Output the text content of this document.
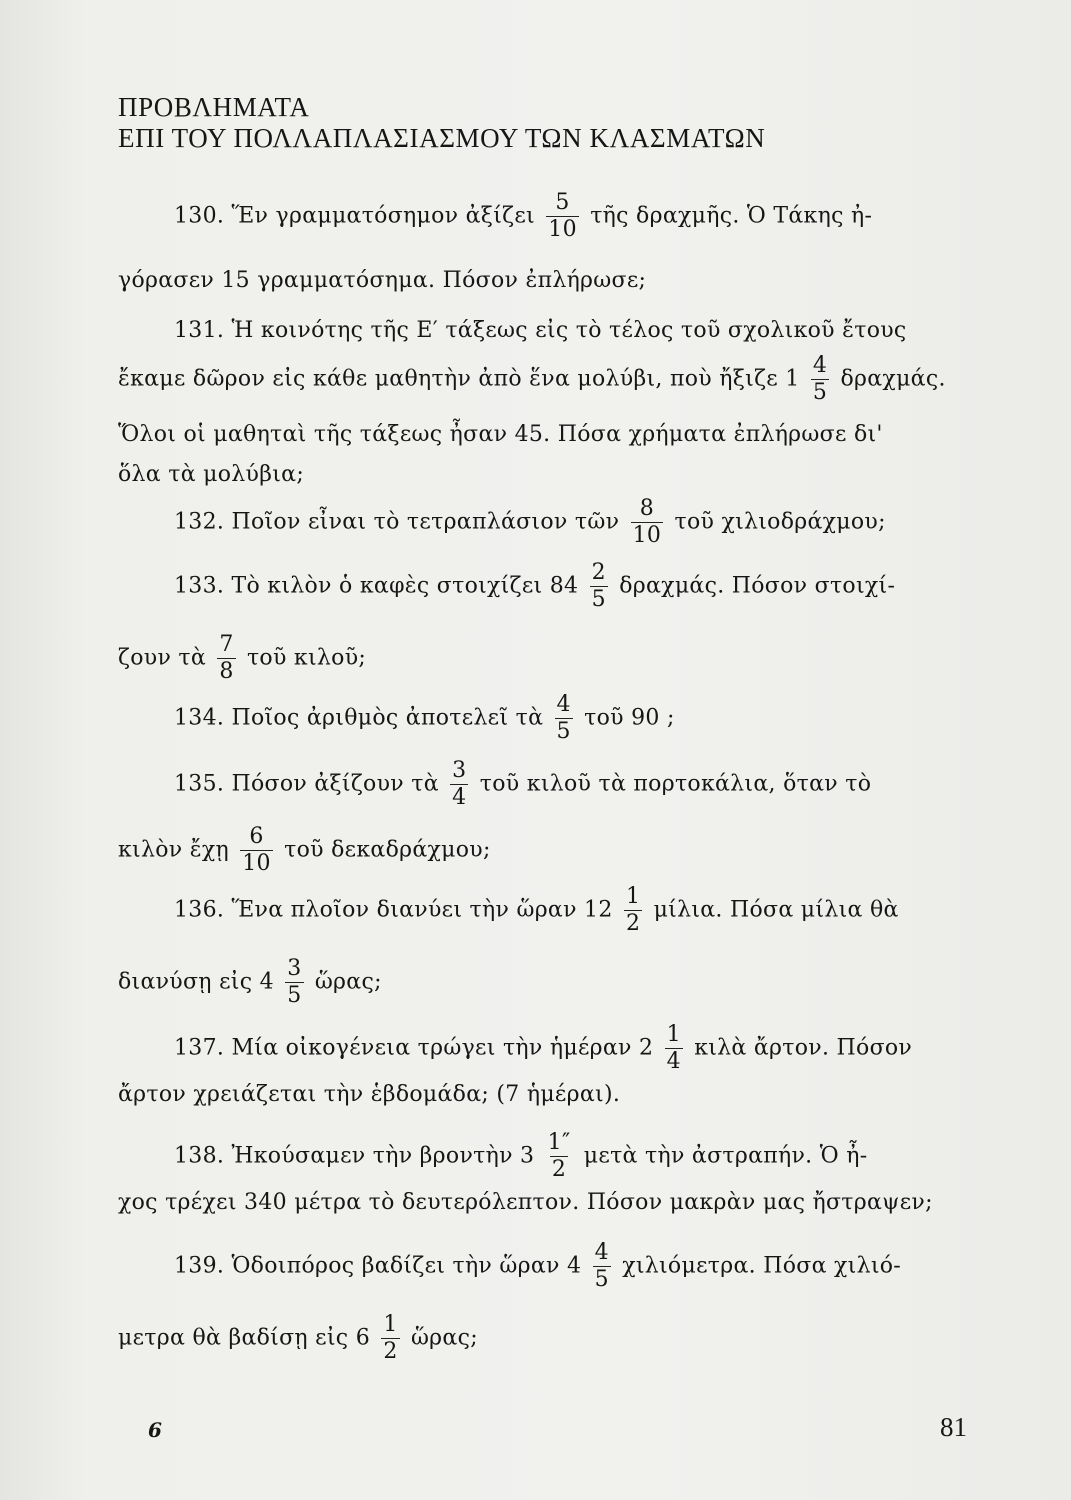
ΠΡΟΒΛΗΜΑΤΑ
ΕΠΙ ΤΟΥ ΠΟΛΛΑΠΛΑΣΙΑΣΜΟΥ ΤΩΝ ΚΛΑΣΜΑΤΩΝ
130. Ἕν γραμματόσημον ἀξίζει $\frac{5}{10}$ τῆς δραχμῆς. Ὁ Τάκης ἠ-
γόρασεν 15 γραμματόσημα. Πόσον ἐπλήρωσε;
131. Ἡ κοινότης τῆς Ε′ τάξεως εἰς τὸ τέλος τοῦ σχολικοῦ ἔτους
ἔκαμε δῶρον εἰς κάθε μαθητὴν ἀπὸ ἕνα μολύβι, ποὺ ἤξιζε $1 \frac{4}{5} \delta\rho\alpha\chi\mu ά\varsigma$.
Ὅλοι οἱ μαθηταὶ τῆς τάξεως ἦσαν 45. Πόσα χρήματα ἐπλήρωσε δι'
ὅλα τὰ μολύβια;
132. Ποῖον εἶναι τὸ τετραπλάσιον τῶν $\frac{8}{10}$ τοῦ χιλιοδράχμου;
133. Τὸ κιλὸν ὁ καφὲς στοιχίζει $84 \frac{2}{5} \delta\rho\alpha\chi\mu ά\varsigma$. Πόσον στοιχί-
ζουν τὰ $\frac{7}{8}$ τοῦ κιλοῦ;
134. Ποῖος ἀριθμὸς ἀποτελεῖ τὰ $\frac{4}{5}$ τοῦ 90 ;
135. Πόσον ἀξίζουν τὰ $\frac{3}{4}$ τοῦ κιλοῦ τὰ πορτοκάλια, ὅταν τὸ
κιλὸν ἔχῃ $\frac{6}{10}$ τοῦ δεκαδράχμου;
136. Ἕνα πλοῖον διανύει τὴν ὥραν $12 \frac{1}{2} \mu ί\lambda\iota\alpha$. Πόσα μίλια θὰ
διανύσῃ εἰς $4 \frac{3}{5}$ ὥρας;
137. Μία οἰκογένεια τρώγει τὴν ἡμέραν $2 \frac{1}{4}$ κιλὰ ἄρτον. Πόσον
ἄρτον χρειάζεται τὴν ἑβδομάδα; (7 ἡμέραι).
138. Ἠκούσαμεν τὴν βροντὴν $3 \frac{1''}{2}$ μετὰ τὴν ἀστραπήν. Ὁ ἦ-
χος τρέχει 340 μέτρα τὸ δευτερόλεπτον. Πόσον μακρὰν μας ἤστραψεν;
139. Ὁδοιπόρος βαδίζει τὴν ὥραν $4 \frac{4}{5} \chi\iota\lambda\iota ό\mu\varepsilon\tau\rho\alpha$. Πόσα χιλιό-
μετρα θὰ βαδίσῃ εἰς $6 \frac{1}{2}$ ὥρας;
6	81
